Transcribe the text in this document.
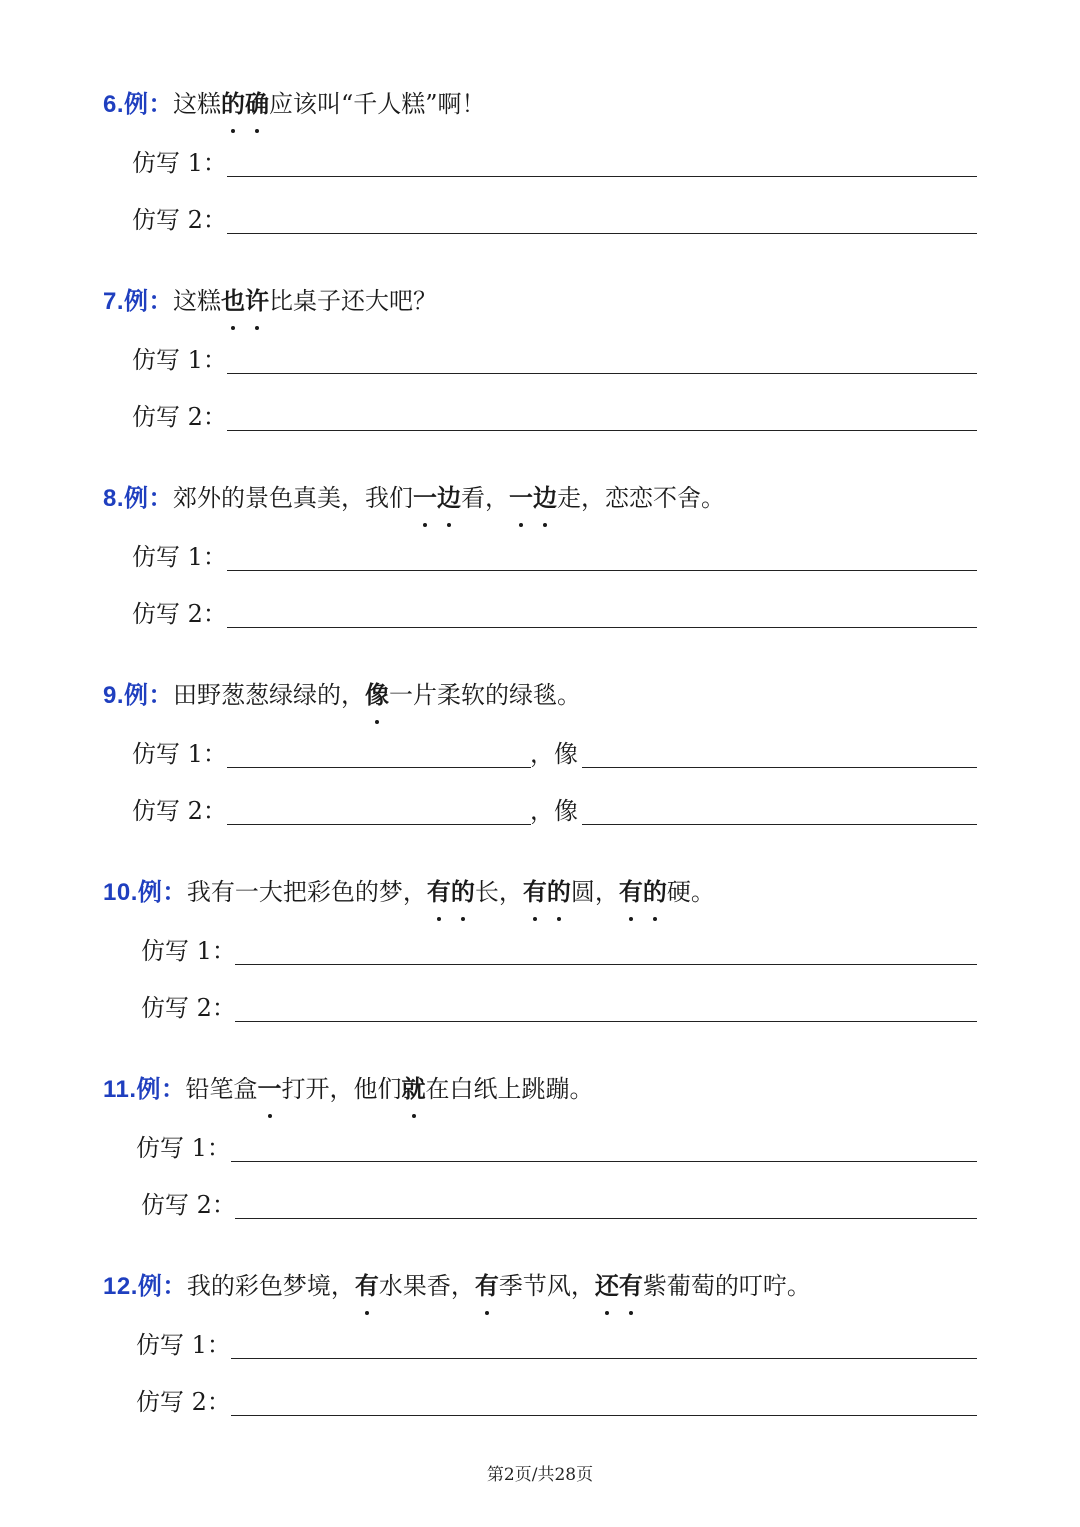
6.例：这糕的确应该叫“千人糕”啊！
仿写 1：
仿写 2：
7.例：这糕也许比桌子还大吧？
仿写 1：
仿写 2：
8.例：郊外的景色真美，我们一边看，一边走，恋恋不舍。
仿写 1：
仿写 2：
9.例：田野葱葱绿绿的，像一片柔软的绿毯。
仿写 1：	，像
仿写 2：	，像
10.例：我有一大把彩色的梦，有的长，有的圆，有的硬。
仿写 1：
仿写 2：
11.例：铅笔盒一打开，他们就在白纸上跳蹦。
仿写 1：
仿写 2：
12.例：我的彩色梦境，有水果香，有季节风，还有紫葡萄的叮咛。
仿写 1：
仿写 2：
第2页/共28页
